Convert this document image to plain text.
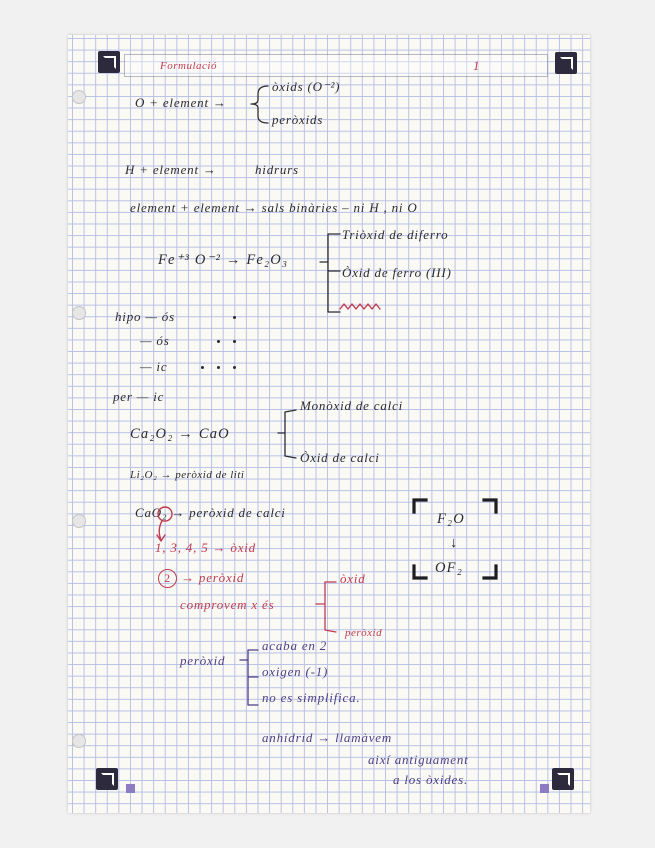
Formulació	1
O + element →
òxids (O⁻²)
peròxids
H + element →	hidrurs
element + element → sals binàries – ni H , ni O
Fe⁺³ O⁻² → Fe₂O₃
Triòxid de diferro
Òxid de ferro (III)
hipo — ós
— ós
— ic
per — ic
Monòxid de calci
Ca₂O₂ → CaO
Òxid de calci
Li₂O₂ → peròxid de liti
CaO₂ → peròxid de calci	F₂O
↓
OF₂
1, 3, 4, 5 → òxid
2 → peròxid
comprovem x és
òxid
peròxid
peròxid
acaba en 2
oxigen (-1)
no es simplifica.
anhídrid → llamàvem
així antiguament
a los òxides.
